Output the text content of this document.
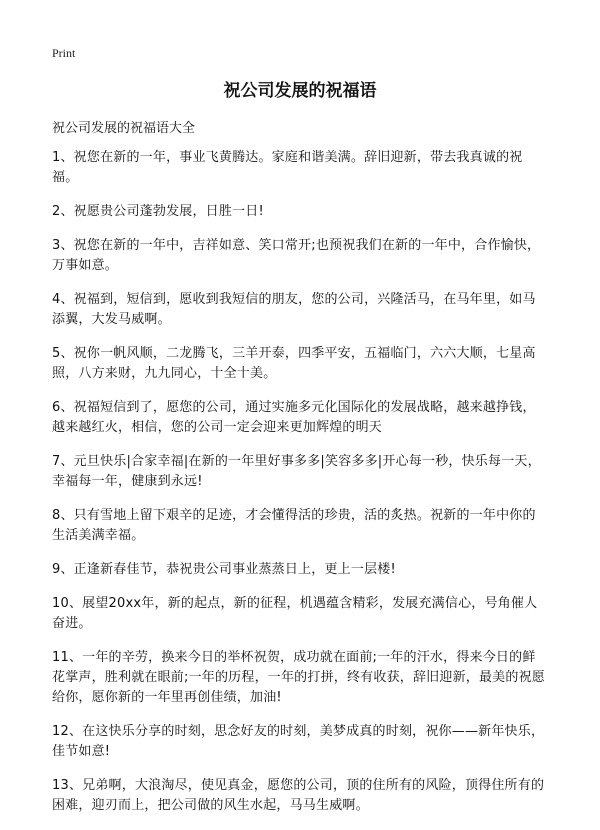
Print
祝公司发展的祝福语
祝公司发展的祝福语大全

1、祝您在新的一年，事业飞黄腾达。家庭和谐美满。辞旧迎新，带去我真诚的祝福。

2、祝愿贵公司蓬勃发展，日胜一日!

3、祝您在新的一年中，吉祥如意、笑口常开;也预祝我们在新的一年中，合作愉快，万事如意。

4、祝福到，短信到，愿收到我短信的朋友，您的公司，兴隆活马，在马年里，如马添翼，大发马威啊。

5、祝你一帆风顺，二龙腾飞，三羊开泰，四季平安，五福临门，六六大顺，七星高照，八方来财，九九同心，十全十美。

6、祝福短信到了，愿您的公司，通过实施多元化国际化的发展战略，越来越挣钱，越来越红火，相信，您的公司一定会迎来更加辉煌的明天

7、元旦快乐|合家幸福|在新的一年里好事多多|笑容多多|开心每一秒，快乐每一天，幸福每一年，健康到永远!

8、只有雪地上留下艰辛的足迹，才会懂得活的珍贵，活的炙热。祝新的一年中你的生活美满幸福。

9、正逢新春佳节，恭祝贵公司事业蒸蒸日上，更上一层楼!

10、展望20xx年，新的起点，新的征程，机遇蕴含精彩，发展充满信心，号角催人奋进。

11、一年的辛劳，换来今日的举杯祝贺，成功就在面前;一年的汗水，得来今日的鲜花掌声，胜利就在眼前;一年的历程，一年的打拼，终有收获，辞旧迎新，最美的祝愿给你，愿你新的一年里再创佳绩，加油!

12、在这快乐分享的时刻，思念好友的时刻，美梦成真的时刻，祝你——新年快乐，佳节如意!

13、兄弟啊，大浪淘尽，使见真金，愿您的公司，顶的住所有的风险，顶得住所有的困难，迎刃而上，把公司做的风生水起，马马生威啊。
